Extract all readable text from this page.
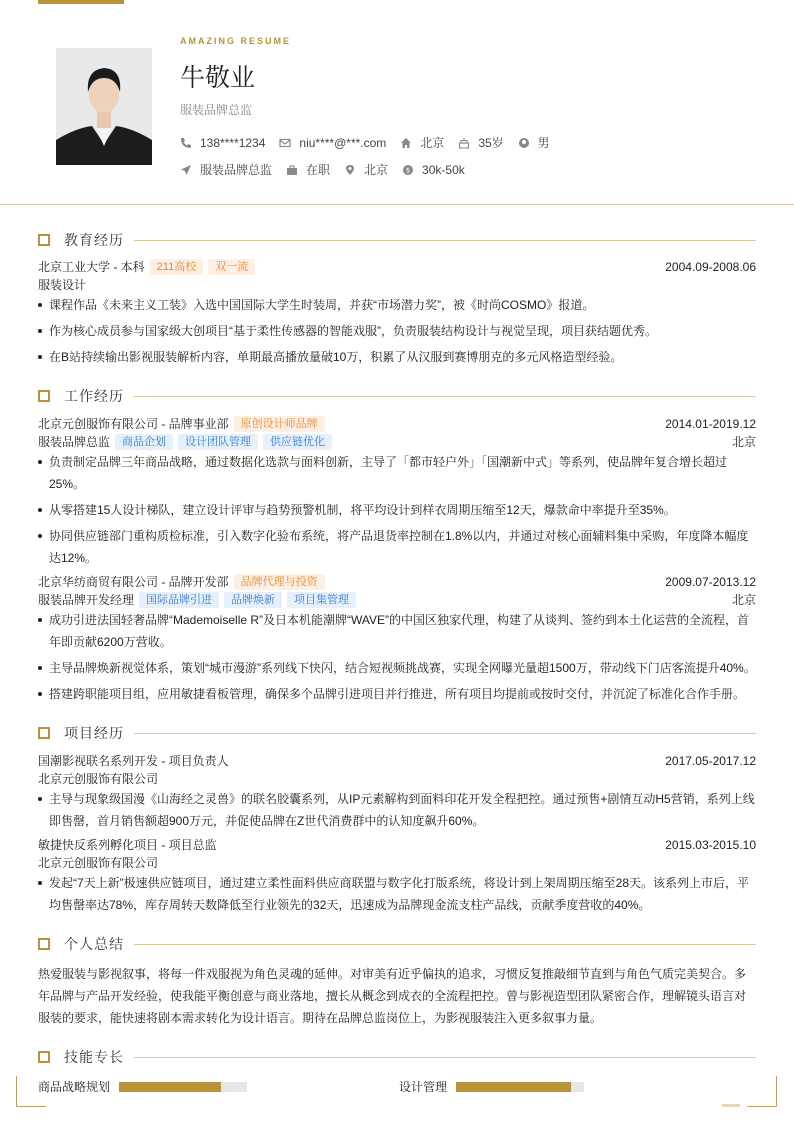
AMAZING RESUME
牛敬业
服装品牌总监
138****1234	niu****@***.com	北京	35岁	男
服装品牌总监	在职	北京	$ 30k-50k
教育经历
北京工业大学 - 本科	211高校	双一流	2004.09-2008.06
服装设计
课程作品《未来主义工装》入选中国国际大学生时装周，并获“市场潜力奖”，被《时尚COSMO》报道。
作为核心成员参与国家级大创项目“基于柔性传感器的智能戏服”，负责服装结构设计与视觉呈现，项目获结题优秀。
在B站持续输出影视服装解析内容，单期最高播放量破10万，积累了从汉服到赛博朋克的多元风格造型经验。
工作经历
北京元创服饰有限公司 - 品牌事业部	原创设计师品牌	2014.01-2019.12
服装品牌总监	商品企划	设计团队管理	供应链优化	北京
负责制定品牌三年商品战略，通过数据化选款与面料创新，主导了「都市轻户外」「国潮新中式」等系列，使品牌年复合增长超过25%。
从零搭建15人设计梯队，建立设计评审与趋势预警机制，将平均设计到样衣周期压缩至12天，爆款命中率提升至35%。
协同供应链部门重构质检标准，引入数字化验布系统，将产品退货率控制在1.8%以内，并通过对核心面辅料集中采购，年度降本幅度达12%。
北京华纺商贸有限公司 - 品牌开发部	品牌代理与投资	2009.07-2013.12
服装品牌开发经理	国际品牌引进	品牌焕新	项目集管理	北京
成功引进法国轻奢品牌“Mademoiselle R”及日本机能潮牌“WAVE”的中国区独家代理，构建了从谈判、签约到本土化运营的全流程，首年即贡献6200万营收。
主导品牌焕新视觉体系，策划“城市漫游”系列线下快闪，结合短视频挑战赛，实现全网曝光量超1500万，带动线下门店客流提升40%。
搭建跨职能项目组，应用敏捷看板管理，确保多个品牌引进项目并行推进，所有项目均提前或按时交付，并沉淀了标准化合作手册。
项目经历
国潮影视联名系列开发 - 项目负责人	2017.05-2017.12
北京元创服饰有限公司
主导与现象级国漫《山海经之灵兽》的联名胶囊系列，从IP元素解构到面料印花开发全程把控。通过预售+剧情互动H5营销，系列上线即售罄，首月销售额超900万元，并促使品牌在Z世代消费群中的认知度飙升60%。
敏捷快反系列孵化项目 - 项目总监	2015.03-2015.10
北京元创服饰有限公司
发起“7天上新”极速供应链项目，通过建立柔性面料供应商联盟与数字化打版系统，将设计到上架周期压缩至28天。该系列上市后，平均售罄率达78%，库存周转天数降低至行业领先的32天，迅速成为品牌现金流支柱产品线，贡献季度营收的40%。
个人总结
热爱服装与影视叙事，将每一件戏服视为角色灵魂的延伸。对审美有近乎偏执的追求，习惯反复推敲细节直到与角色气质完美契合。多年品牌与产品开发经验，使我能平衡创意与商业落地，擅长从概念到成衣的全流程把控。曾与影视造型团队紧密合作，理解镜头语言对服装的要求，能快速将剧本需求转化为设计语言。期待在品牌总监岗位上，为影视服装注入更多叙事力量。
技能专长
商品战略规划	设计管理
